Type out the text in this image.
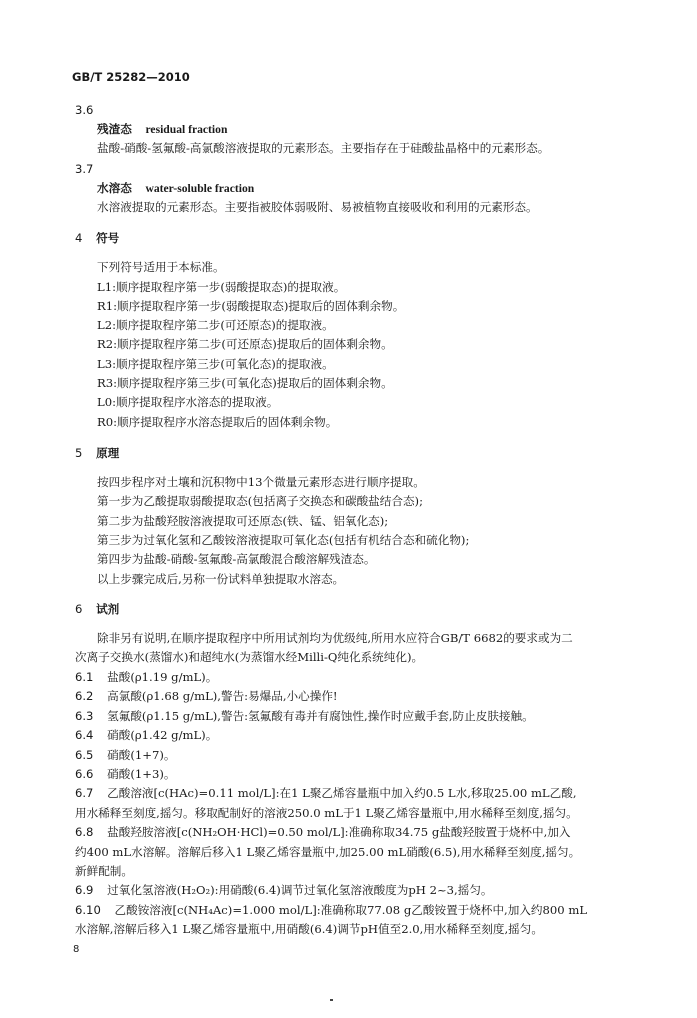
GB/T 25282—2010
3.6
残渣态 residual fraction
盐酸-硝酸-氢氟酸-高氯酸溶液提取的元素形态。主要指存在于硅酸盐晶格中的元素形态。
3.7
水溶态 water-soluble fraction
水溶液提取的元素形态。主要指被胶体弱吸附、易被植物直接吸收和利用的元素形态。
4 符号
下列符号适用于本标准。
L1:顺序提取程序第一步(弱酸提取态)的提取液。
R1:顺序提取程序第一步(弱酸提取态)提取后的固体剩余物。
L2:顺序提取程序第二步(可还原态)的提取液。
R2:顺序提取程序第二步(可还原态)提取后的固体剩余物。
L3:顺序提取程序第三步(可氧化态)的提取液。
R3:顺序提取程序第三步(可氧化态)提取后的固体剩余物。
L0:顺序提取程序水溶态的提取液。
R0:顺序提取程序水溶态提取后的固体剩余物。
5 原理
按四步程序对土壤和沉积物中13个微量元素形态进行顺序提取。
第一步为乙酸提取弱酸提取态(包括离子交换态和碳酸盐结合态);
第二步为盐酸羟胺溶液提取可还原态(铁、锰、铝氧化态);
第三步为过氧化氢和乙酸铵溶液提取可氧化态(包括有机结合态和硫化物);
第四步为盐酸-硝酸-氢氟酸-高氯酸混合酸溶解残渣态。
以上步骤完成后,另称一份试料单独提取水溶态。
6 试剂
除非另有说明,在顺序提取程序中所用试剂均为优级纯,所用水应符合GB/T 6682的要求或为二
次离子交换水(蒸馏水)和超纯水(为蒸馏水经Milli-Q纯化系统纯化)。
6.1 盐酸(ρ1.19 g/mL)。
6.2 高氯酸(ρ1.68 g/mL),警告:易爆品,小心操作!
6.3 氢氟酸(ρ1.15 g/mL),警告:氢氟酸有毒并有腐蚀性,操作时应戴手套,防止皮肤接触。
6.4 硝酸(ρ1.42 g/mL)。
6.5 硝酸(1+7)。
6.6 硝酸(1+3)。
6.7 乙酸溶液[c(HAc)=0.11 mol/L]:在1 L聚乙烯容量瓶中加入约0.5 L水,移取25.00 mL乙酸,
用水稀释至刻度,摇匀。移取配制好的溶液250.0 mL于1 L聚乙烯容量瓶中,用水稀释至刻度,摇匀。
6.8 盐酸羟胺溶液[c(NH₂OH·HCl)=0.50 mol/L]:准确称取34.75 g盐酸羟胺置于烧杯中,加入
约400 mL水溶解。溶解后移入1 L聚乙烯容量瓶中,加25.00 mL硝酸(6.5),用水稀释至刻度,摇匀。
新鲜配制。
6.9 过氧化氢溶液(H₂O₂):用硝酸(6.4)调节过氧化氢溶液酸度为pH 2~3,摇匀。
6.10 乙酸铵溶液[c(NH₄Ac)=1.000 mol/L]:准确称取77.08 g乙酸铵置于烧杯中,加入约800 mL
水溶解,溶解后移入1 L聚乙烯容量瓶中,用硝酸(6.4)调节pH值至2.0,用水稀释至刻度,摇匀。
8
